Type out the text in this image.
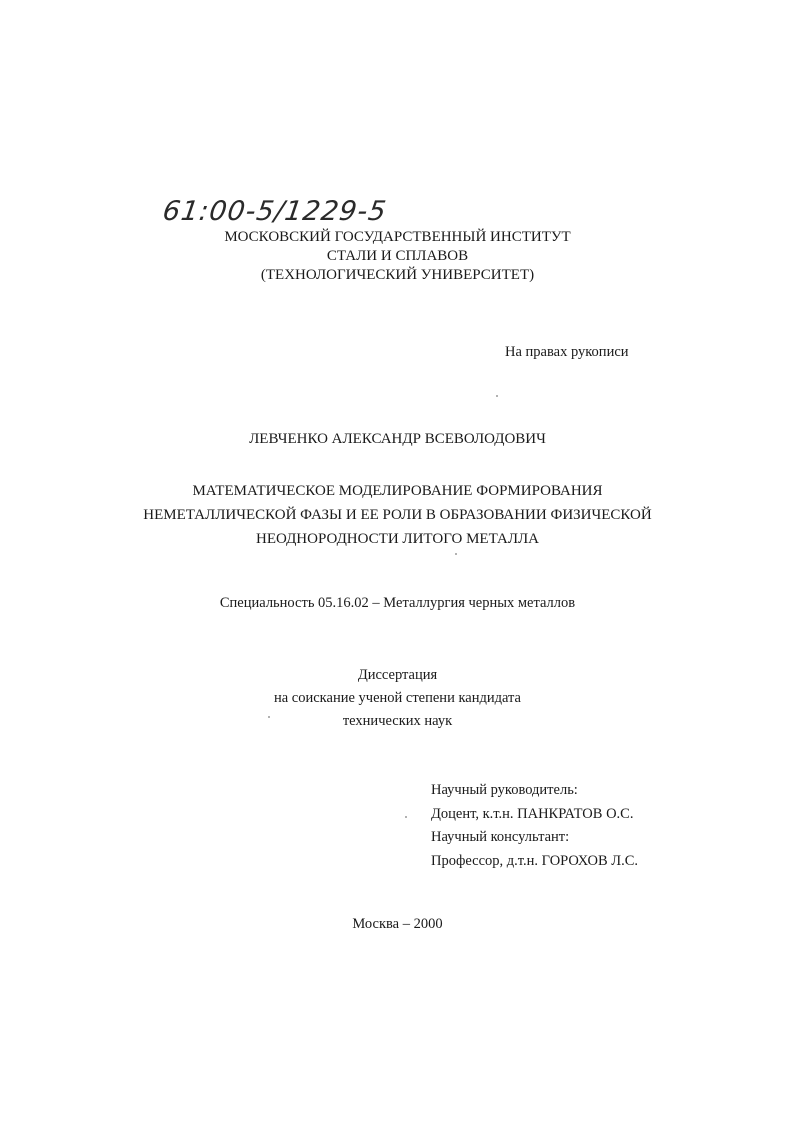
61:00-5/1229-5
МОСКОВСКИЙ ГОСУДАРСТВЕННЫЙ ИНСТИТУТ
СТАЛИ И СПЛАВОВ
(ТЕХНОЛОГИЧЕСКИЙ УНИВЕРСИТЕТ)
На правах рукописи
ЛЕВЧЕНКО АЛЕКСАНДР ВСЕВОЛОДОВИЧ
МАТЕМАТИЧЕСКОЕ МОДЕЛИРОВАНИЕ ФОРМИРОВАНИЯ
НЕМЕТАЛЛИЧЕСКОЙ ФАЗЫ И ЕЕ РОЛИ В ОБРАЗОВАНИИ ФИЗИЧЕСКОЙ
НЕОДНОРОДНОСТИ ЛИТОГО МЕТАЛЛА
Специальность 05.16.02 – Металлургия черных металлов
Диссертация
на соискание ученой степени кандидата
технических наук
Научный руководитель:
Доцент, к.т.н. ПАНКРАТОВ О.С.
Научный консультант:
Профессор, д.т.н. ГОРОХОВ Л.С.
Москва – 2000
